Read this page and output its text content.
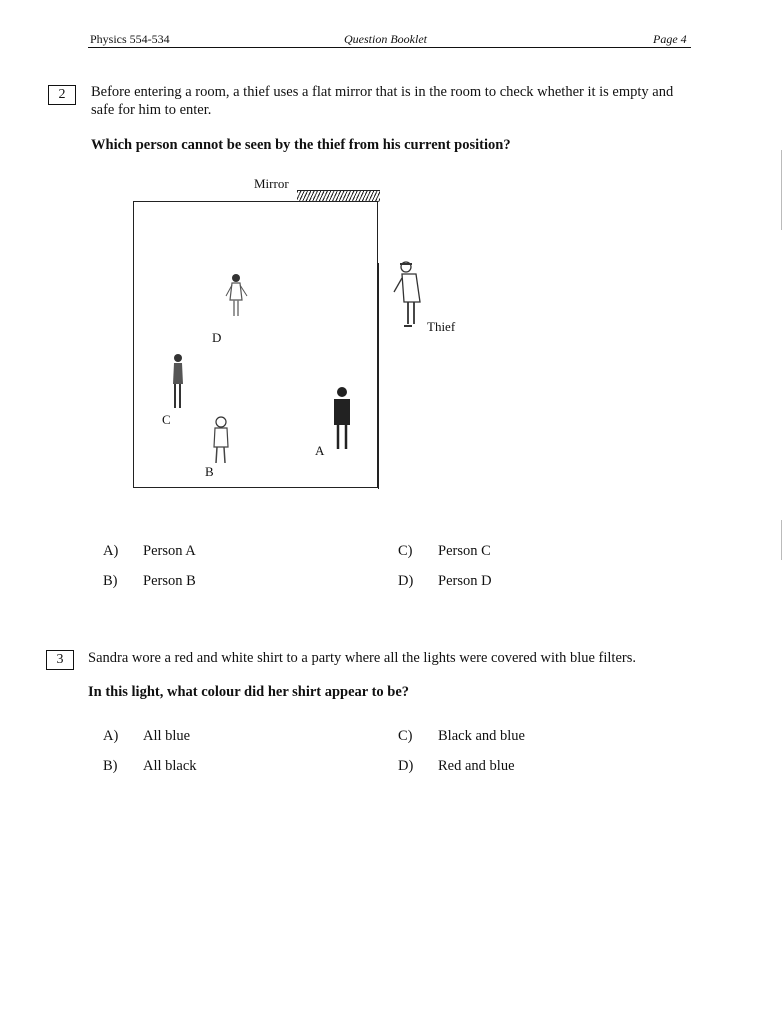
Physics 554-534	Question Booklet	Page 4
2	Before entering a room, a thief uses a flat mirror that is in the room to check whether it is empty and
safe for him to enter.
Which person cannot be seen by the thief from his current position?
Mirror
D
C
B
A
Thief
A) Person A
B) Person B
C) Person C
D) Person D
3	Sandra wore a red and white shirt to a party where all the lights were covered with blue filters.
In this light, what colour did her shirt appear to be?
A) All blue
B) All black
C) Black and blue
D) Red and blue
